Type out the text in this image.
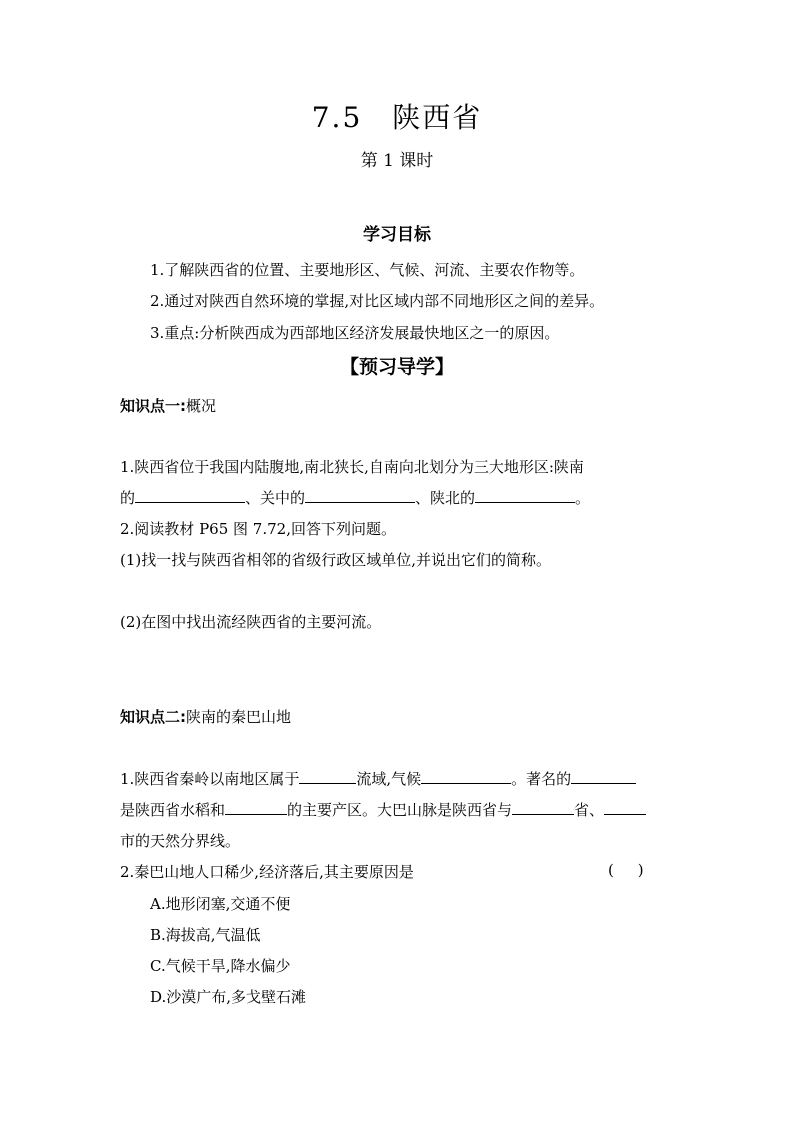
7.5　陕西省
第 1 课时
学习目标
1.了解陕西省的位置、主要地形区、气候、河流、主要农作物等。
2.通过对陕西自然环境的掌握,对比区域内部不同地形区之间的差异。
3.重点:分析陕西成为西部地区经济发展最快地区之一的原因。
【预习导学】
知识点一:概况
1.陕西省位于我国内陆腹地,南北狭长,自南向北划分为三大地形区:陕南
的	、关中的	、陕北的	。
2.阅读教材 P65 图 7.72,回答下列问题。
(1)找一找与陕西省相邻的省级行政区域单位,并说出它们的简称。
(2)在图中找出流经陕西省的主要河流。
知识点二:陕南的秦巴山地
1.陕西省秦岭以南地区属于	流域,气候	。著名的
是陕西省水稻和	的主要产区。大巴山脉是陕西省与	省、
市的天然分界线。
2.秦巴山地人口稀少,经济落后,其主要原因是	(     )
A.地形闭塞,交通不便
B.海拔高,气温低
C.气候干旱,降水偏少
D.沙漠广布,多戈壁石滩
